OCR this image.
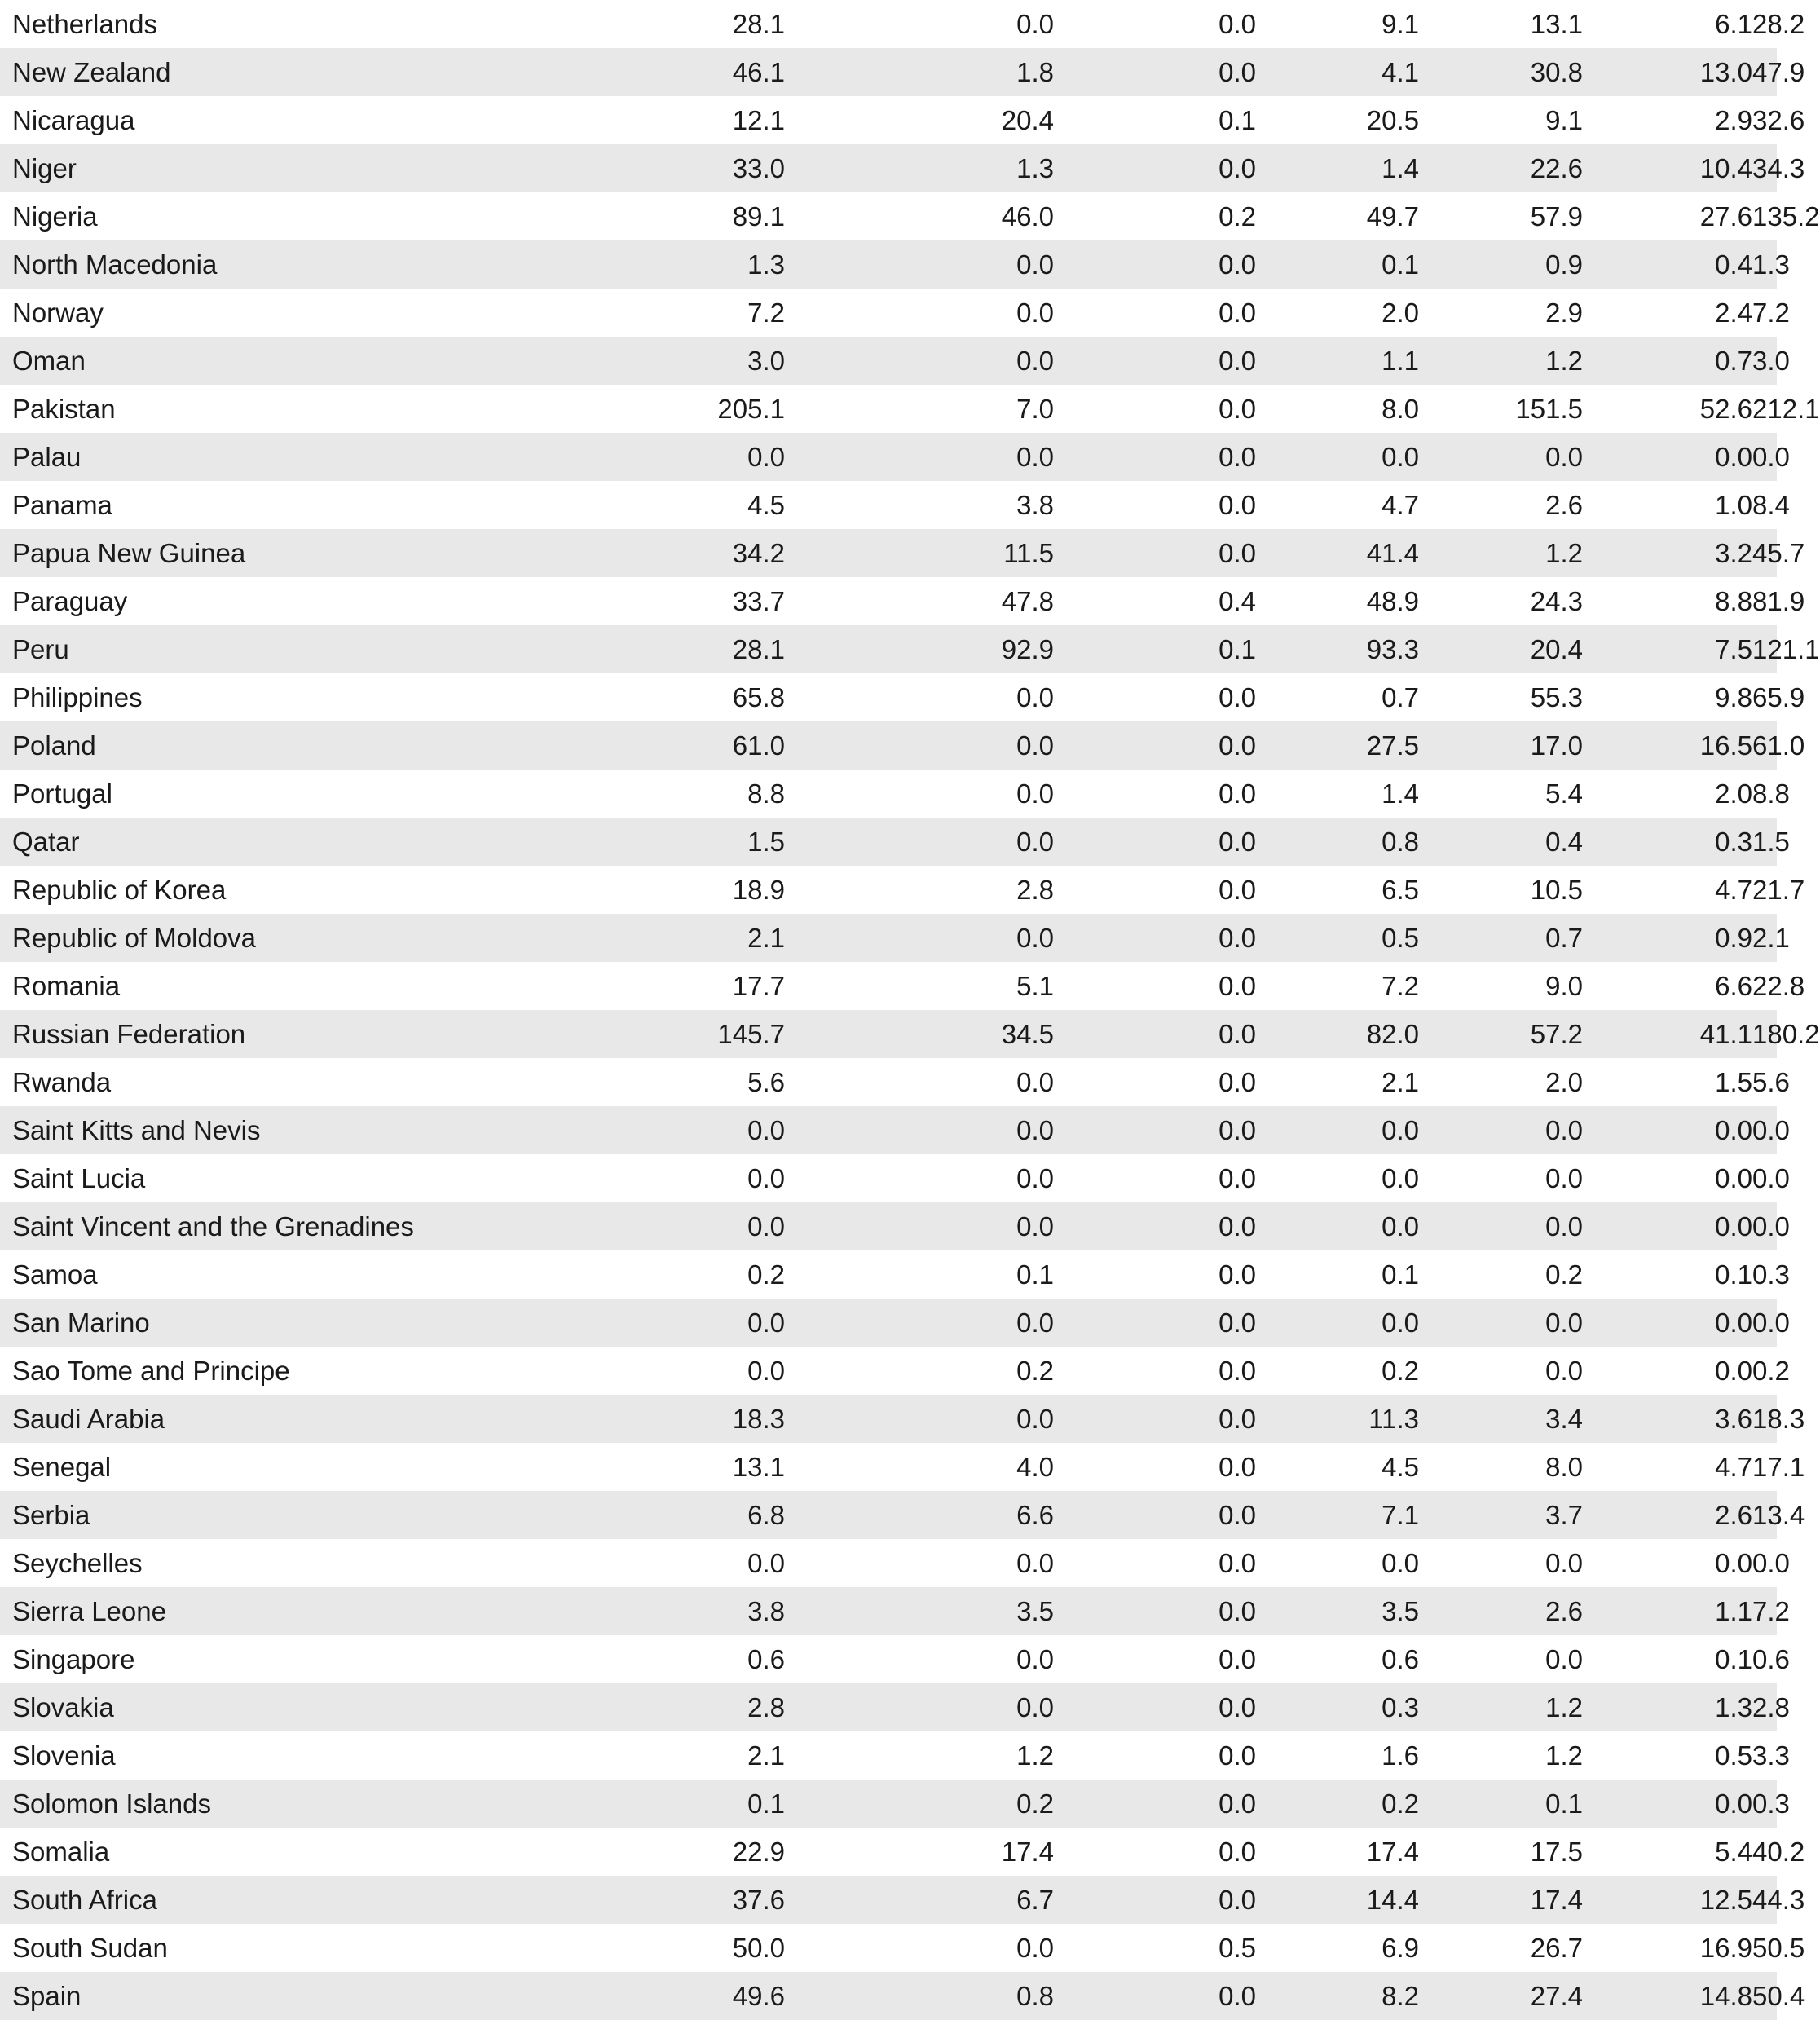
Netherlands		28.1	0.0	0.0	9.1	13.1	6.1	28.2	
New Zealand		46.1	1.8	0.0	4.1	30.8	13.0	47.9	
Nicaragua		12.1	20.4	0.1	20.5	9.1	2.9	32.6	
Niger		33.0	1.3	0.0	1.4	22.6	10.4	34.3	
Nigeria		89.1	46.0	0.2	49.7	57.9	27.6	135.2	
North Macedonia		1.3	0.0	0.0	0.1	0.9	0.4	1.3	
Norway		7.2	0.0	0.0	2.0	2.9	2.4	7.2	
Oman		3.0	0.0	0.0	1.1	1.2	0.7	3.0	
Pakistan		205.1	7.0	0.0	8.0	151.5	52.6	212.1	
Palau		0.0	0.0	0.0	0.0	0.0	0.0	0.0	
Panama		4.5	3.8	0.0	4.7	2.6	1.0	8.4	
Papua New Guinea		34.2	11.5	0.0	41.4	1.2	3.2	45.7	
Paraguay		33.7	47.8	0.4	48.9	24.3	8.8	81.9	
Peru		28.1	92.9	0.1	93.3	20.4	7.5	121.1	
Philippines		65.8	0.0	0.0	0.7	55.3	9.8	65.9	
Poland		61.0	0.0	0.0	27.5	17.0	16.5	61.0	
Portugal		8.8	0.0	0.0	1.4	5.4	2.0	8.8	
Qatar		1.5	0.0	0.0	0.8	0.4	0.3	1.5	
Republic of Korea		18.9	2.8	0.0	6.5	10.5	4.7	21.7	
Republic of Moldova		2.1	0.0	0.0	0.5	0.7	0.9	2.1	
Romania		17.7	5.1	0.0	7.2	9.0	6.6	22.8	
Russian Federation		145.7	34.5	0.0	82.0	57.2	41.1	180.2	
Rwanda		5.6	0.0	0.0	2.1	2.0	1.5	5.6	
Saint Kitts and Nevis		0.0	0.0	0.0	0.0	0.0	0.0	0.0	
Saint Lucia		0.0	0.0	0.0	0.0	0.0	0.0	0.0	
Saint Vincent and the Grenadines		0.0	0.0	0.0	0.0	0.0	0.0	0.0	
Samoa		0.2	0.1	0.0	0.1	0.2	0.1	0.3	
San Marino		0.0	0.0	0.0	0.0	0.0	0.0	0.0	
Sao Tome and Principe		0.0	0.2	0.0	0.2	0.0	0.0	0.2	
Saudi Arabia		18.3	0.0	0.0	11.3	3.4	3.6	18.3	
Senegal		13.1	4.0	0.0	4.5	8.0	4.7	17.1	
Serbia		6.8	6.6	0.0	7.1	3.7	2.6	13.4	
Seychelles		0.0	0.0	0.0	0.0	0.0	0.0	0.0	
Sierra Leone		3.8	3.5	0.0	3.5	2.6	1.1	7.2	
Singapore		0.6	0.0	0.0	0.6	0.0	0.1	0.6	
Slovakia		2.8	0.0	0.0	0.3	1.2	1.3	2.8	
Slovenia		2.1	1.2	0.0	1.6	1.2	0.5	3.3	
Solomon Islands		0.1	0.2	0.0	0.2	0.1	0.0	0.3	
Somalia		22.9	17.4	0.0	17.4	17.5	5.4	40.2	
South Africa		37.6	6.7	0.0	14.4	17.4	12.5	44.3	
South Sudan		50.0	0.0	0.5	6.9	26.7	16.9	50.5	
Spain		49.6	0.8	0.0	8.2	27.4	14.8	50.4	
